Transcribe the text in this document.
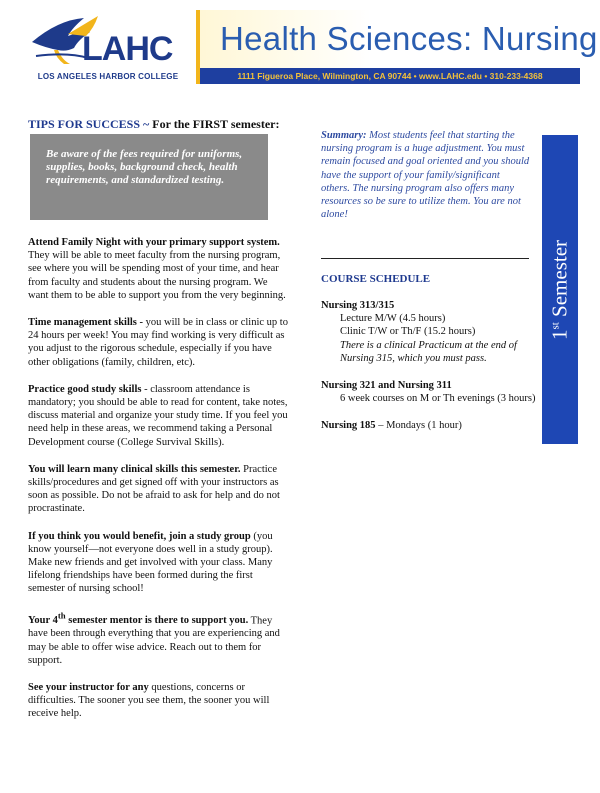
LAHC
LOS ANGELES HARBOR COLLEGE
Health Sciences: Nursing
1111 Figueroa Place, Wilmington, CA 90744 • www.LAHC.edu • 310-233-4368
TIPS FOR SUCCESS ~ For the FIRST semester:
Be aware of the fees required for uniforms, supplies, books, background check, health requirements, and standardized testing.

Attend Family Night with your primary support system. They will be able to meet faculty from the nursing program, see where you will be spending most of your time, and hear from faculty and students about the nursing program. We want them to be able to support you from the very beginning.

Time management skills - you will be in class or clinic up to 24 hours per week! You may find working is very difficult as you adjust to the rigorous schedule, especially if you have other obligations (family, children, etc).

Practice good study skills - classroom attendance is mandatory; you should be able to read for content, take notes, discuss material and organize your study time. If you feel you need help in these areas, we recommend taking a Personal Development course (College Survival Skills).

You will learn many clinical skills this semester. Practice skills/procedures and get signed off with your instructors as soon as possible. Do not be afraid to ask for help and do not procrastinate.

If you think you would benefit, join a study group (you know yourself—not everyone does well in a study group). Make new friends and get involved with your class. Many lifelong friendships have been formed during the first semester of nursing school!

Your 4th semester mentor is there to support you. They have been through everything that you are experiencing and may be able to offer wise advice. Reach out to them for support.

See your instructor for any questions, concerns or difficulties. The sooner you see them, the sooner you will receive help.

Summary: Most students feel that starting the nursing program is a huge adjustment. You must remain focused and goal oriented and you should have the support of your family/significant others. The nursing program also offers many resources so be sure to utilize them. You are not alone!
COURSE SCHEDULE
Nursing 313/315
Lecture M/W (4.5 hours)
Clinic T/W or Th/F (15.2 hours)
There is a clinical Practicum at the end of Nursing 315, which you must pass.
Nursing 321 and Nursing 311
6 week courses on M or Th evenings (3 hours)
Nursing 185 – Mondays (1 hour)
1st Semester
